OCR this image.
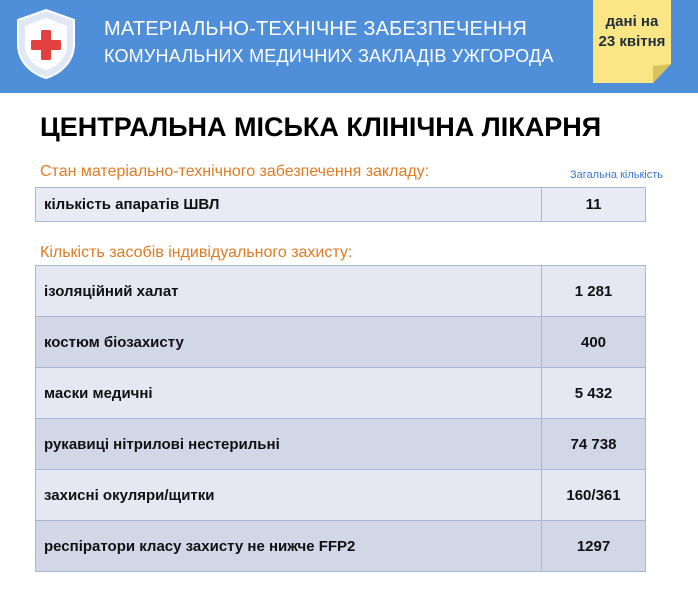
МАТЕРІАЛЬНО-ТЕХНІЧНЕ ЗАБЕЗПЕЧЕННЯ
КОМУНАЛЬНИХ МЕДИЧНИХ ЗАКЛАДІВ УЖГОРОДА
дані на
23 квітня
ЦЕНТРАЛЬНА МІСЬКА КЛІНІЧНА ЛІКАРНЯ
Стан матеріально-технічного забезпечення закладу:	Загальна кількість
кількість апаратів ШВЛ	11
Кількість засобів індивідуального захисту:
ізоляційний халат	1 281
костюм біозахисту	400
маски медичні	5 432
рукавиці нітрилові нестерильні	74 738
захисні окуляри/щитки	160/361
респіратори класу захисту не нижче FFP2	1297
